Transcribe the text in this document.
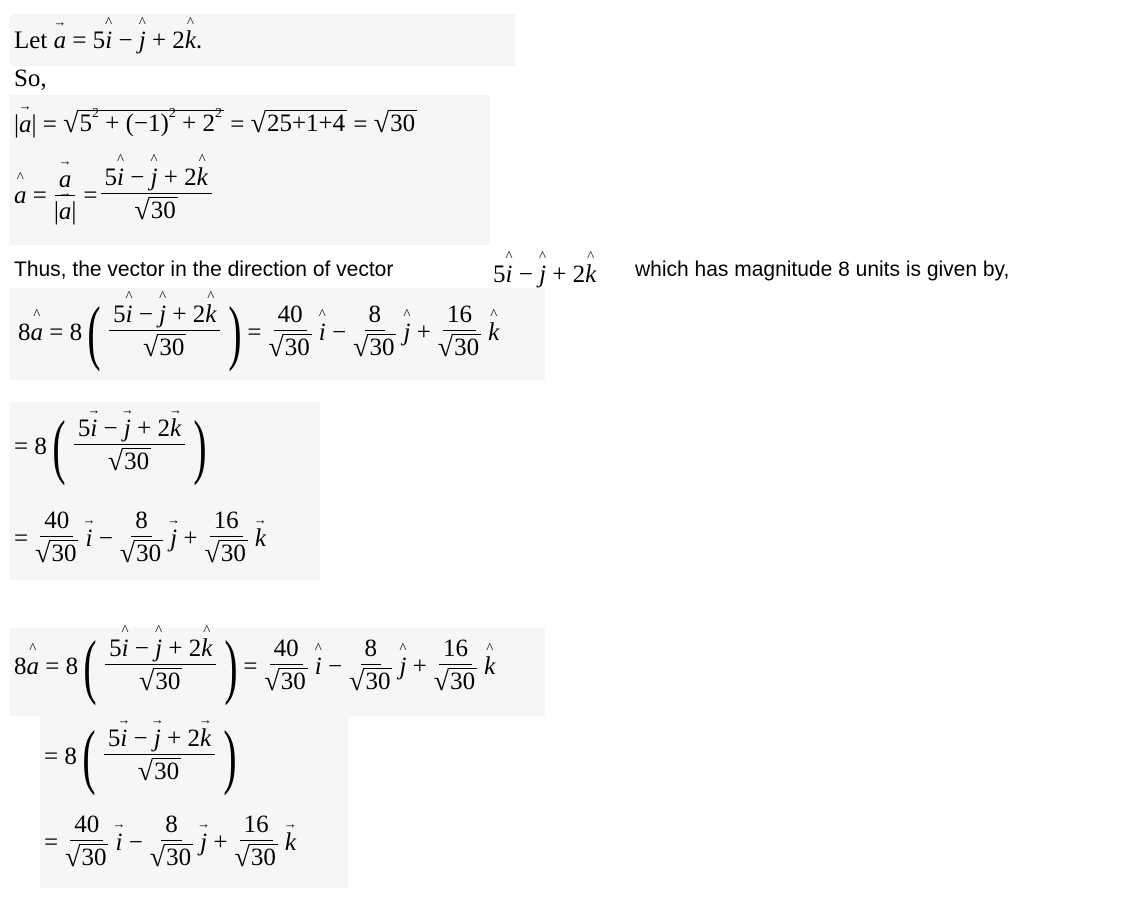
Let
a → = 5 i ^ − j ^ + 2 k ^ .
So,
| a → | = √ $5^2 + (-1)^2 + 2^2$ = √ 25+1+4 = √ 30
a ^ = $\frac{a \to}{|a \to|} = \frac{5i \^{} - j \^{} + 2k \^{}}{√ 30}$
Thus, the vector in the direction of vector	5 i ^ − j ^ + 2 k ^ which has magnitude 8 units is given by,
8 a ^ = 8 ( $\frac{5i \^{} - j \^{} + 2k \^{}}{√ 30}$ ) = $\frac{40}{√ 30}$ i ^ − $\frac{8}{√ 30}$ j ^ + $\frac{16}{√ 30}$ k ^
= 8 ( $\frac{5i \to - j \to + 2k \to}{√ 30}$ )
= $\frac{40}{√ 30}$ i → − $\frac{8}{√ 30}$ j → + $\frac{16}{√ 30}$ k →
8 a ^ = 8 ( $\frac{5i \^{} - j \^{} + 2k \^{}}{√ 30}$ ) = $\frac{40}{√ 30}$ i ^ − $\frac{8}{√ 30}$ j ^ + $\frac{16}{√ 30}$ k ^
= 8 ( $\frac{5i \to - j \to + 2k \to}{√ 30}$ )
= $\frac{40}{√ 30}$ i → − $\frac{8}{√ 30}$ j → + $\frac{16}{√ 30}$ k →
